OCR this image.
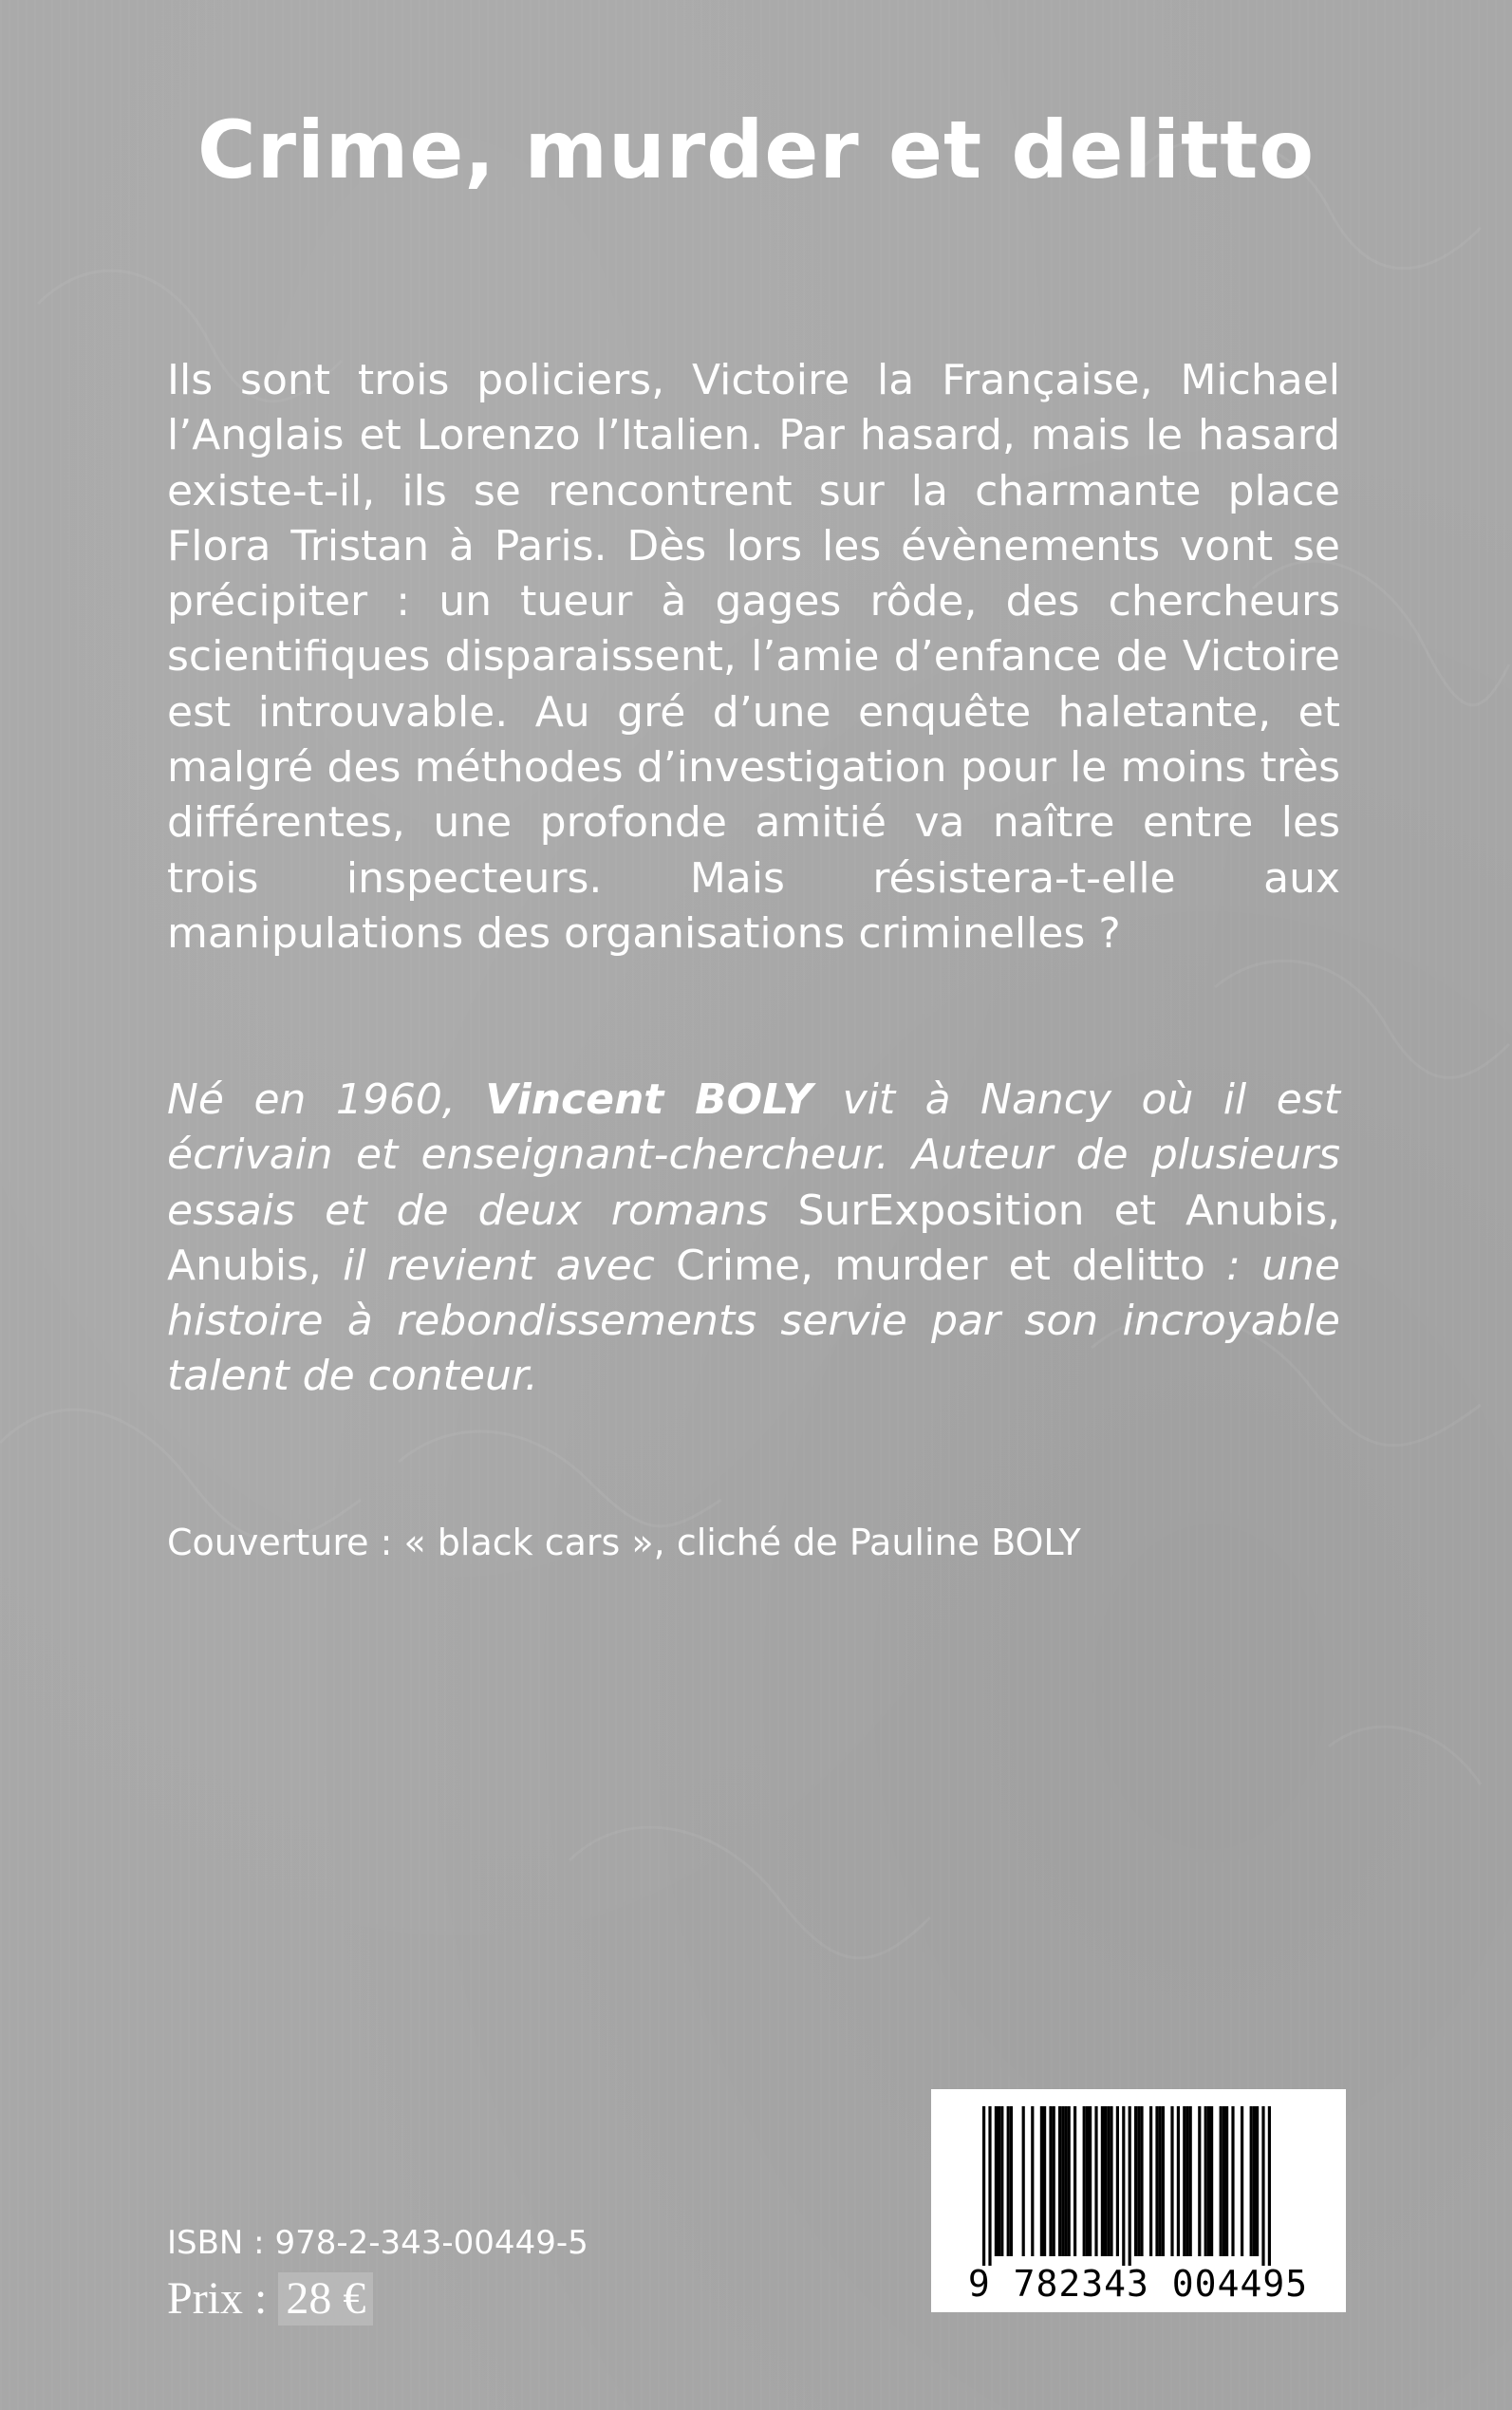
Crime, murder et delitto

Ils sont trois policiers, Victoire la Française, Michael l’Anglais et Lorenzo l’Italien. Par hasard, mais le hasard existe-t-il, ils se rencontrent sur la charmante place Flora Tristan à Paris. Dès lors les évènements vont se précipiter : un tueur à gages rôde, des chercheurs scientifiques disparaissent, l’amie d’enfance de Victoire est introuvable. Au gré d’une enquête haletante, et malgré des méthodes d’investigation pour le moins très différentes, une profonde amitié va naître entre les trois inspecteurs. Mais résistera-t-elle aux manipulations des organisations criminelles ?

Né en 1960, Vincent BOLY vit à Nancy où il est écrivain et enseignant-chercheur. Auteur de plusieurs essais et de deux romans SurExposition et Anubis, Anubis, il revient avec Crime, murder et delitto : une histoire à rebondissements servie par son incroyable talent de conteur.

Couverture : « black cars », cliché de Pauline BOLY

ISBN : 978-2-343-00449-5

Prix : 28 €	9 782343 004495
